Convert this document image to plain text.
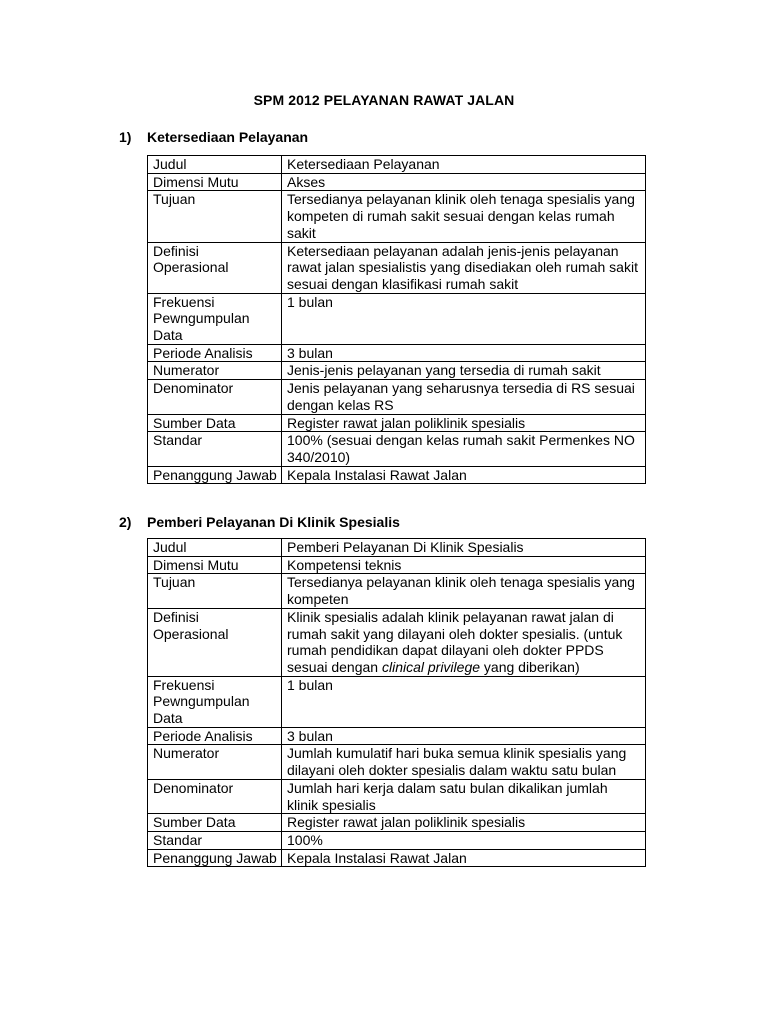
SPM 2012 PELAYANAN RAWAT JALAN
1) Ketersediaan Pelayanan
Judul	Ketersediaan Pelayanan
Dimensi Mutu	Akses
Tujuan	Tersedianya pelayanan klinik oleh tenaga spesialis yang kompeten di rumah sakit sesuai dengan kelas rumah sakit
Definisi Operasional	Ketersediaan pelayanan adalah jenis-jenis pelayanan rawat jalan spesialistis yang disediakan oleh rumah sakit sesuai dengan klasifikasi rumah sakit
Frekuensi Pewngumpulan Data	1 bulan
Periode Analisis	3 bulan
Numerator	Jenis-jenis pelayanan yang tersedia di rumah sakit
Denominator	Jenis pelayanan yang seharusnya tersedia di RS sesuai dengan kelas RS
Sumber Data	Register rawat jalan poliklinik spesialis
Standar	100% (sesuai dengan kelas rumah sakit Permenkes NO 340/2010)
Penanggung Jawab	Kepala Instalasi Rawat Jalan
2) Pemberi Pelayanan Di Klinik Spesialis
Judul	Pemberi Pelayanan Di Klinik Spesialis
Dimensi Mutu	Kompetensi teknis
Tujuan	Tersedianya pelayanan klinik oleh tenaga spesialis yang kompeten
Definisi Operasional	Klinik spesialis adalah klinik pelayanan rawat jalan di rumah sakit yang dilayani oleh dokter spesialis. (untuk rumah pendidikan dapat dilayani oleh dokter PPDS sesuai dengan clinical privilege yang diberikan)
Frekuensi Pewngumpulan Data	1 bulan
Periode Analisis	3 bulan
Numerator	Jumlah kumulatif hari buka semua klinik spesialis yang dilayani oleh dokter spesialis dalam waktu satu bulan
Denominator	Jumlah hari kerja dalam satu bulan dikalikan jumlah klinik spesialis
Sumber Data	Register rawat jalan poliklinik spesialis
Standar	100%
Penanggung Jawab	Kepala Instalasi Rawat Jalan
